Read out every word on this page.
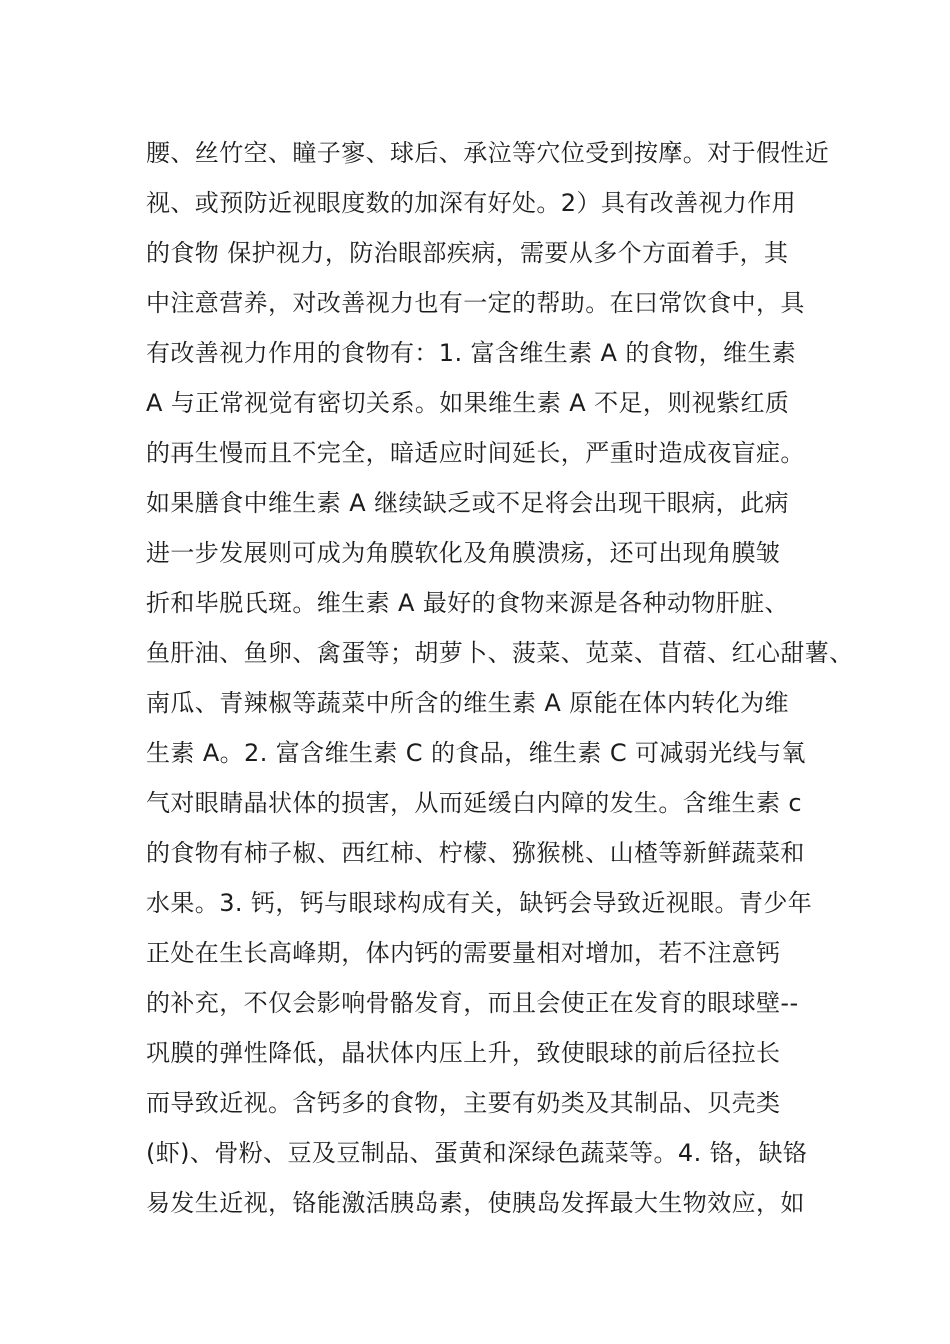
腰、丝竹空、瞳子寥、球后、承泣等穴位受到按摩。对于假性近
视、或预防近视眼度数的加深有好处。2）具有改善视力作用
的食物 保护视力，防治眼部疾病，需要从多个方面着手，其
中注意营养，对改善视力也有一定的帮助。在曰常饮食中，具
有改善视力作用的食物有：1. 富含维生素 A 的食物，维生素
A 与正常视觉有密切关系。如果维生素 A 不足，则视紫红质
的再生慢而且不完全，暗适应时间延长，严重时造成夜盲症。
如果膳食中维生素 A 继续缺乏或不足将会出现干眼病，此病
进一步发展则可成为角膜软化及角膜溃疡，还可出现角膜皱
折和毕脱氏斑。维生素 A 最好的食物来源是各种动物肝脏、
鱼肝油、鱼卵、禽蛋等；胡萝卜、菠菜、苋菜、苜蓿、红心甜薯、
南瓜、青辣椒等蔬菜中所含的维生素 A 原能在体内转化为维
生素 A。2. 富含维生素 C 的食品，维生素 C 可减弱光线与氧
气对眼睛晶状体的损害，从而延缓白内障的发生。含维生素 c
的食物有柿子椒、西红柿、柠檬、猕猴桃、山楂等新鲜蔬菜和
水果。3. 钙，钙与眼球构成有关，缺钙会导致近视眼。青少年
正处在生长高峰期，体内钙的需要量相对增加，若不注意钙
的补充，不仅会影响骨骼发育，而且会使正在发育的眼球壁--
巩膜的弹性降低，晶状体内压上升，致使眼球的前后径拉长
而导致近视。含钙多的食物，主要有奶类及其制品、贝壳类
(虾)、骨粉、豆及豆制品、蛋黄和深绿色蔬菜等。4. 铬，缺铬
易发生近视，铬能激活胰岛素，使胰岛发挥最大生物效应，如
